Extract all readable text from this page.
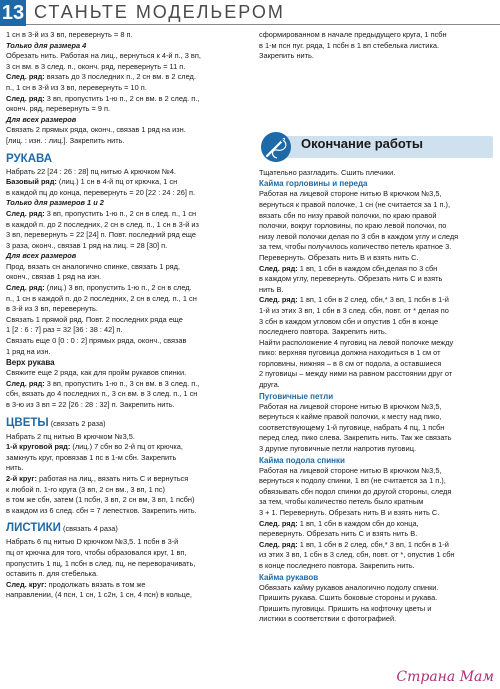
13 СТАНЬТЕ МОДЕЛЬЕРОМ

1 сн в 3-й из 3 вп, перевернуть = 8 п.

Только для размера 4

Обрезать нить. Работая на лиц., вернуться к 4-й п., 3 вп,

3 сн вм. в 3 след. п., оконч. ряд, перевернуть = 11 п.

След. ряд: вязать до 3 последних п., 2 сн вм. в 2 след.

п., 1 сн в 3-й из 3 вп, перевернуть = 10 п.

След. ряд: 3 вп, пропустить 1-ю п., 2 сн вм. в 2 след. п.,

оконч. ряд, перевернуть = 9 п.

Для всех размеров

Связать 2 прямых ряда, оконч., связав 1 ряд на изн.

[лиц. : изн. : лиц.]. Закрепить нить.

РУКАВА

Набрать 22 [24 : 26 : 28] пц нитью А крючком №4.

Базовый ряд: (лиц.) 1 сн в 4-й пц от крючка, 1 сн

в каждой пц до конца, перевернуть = 20 [22 : 24 : 26] п.

Только для размеров 1 и 2

След. ряд: 3 вп, пропустить 1-ю п., 2 сн в след. п., 1 сн

в каждой п. до 2 последних, 2 сн в след. п., 1 сн в 3-й из

3 вп, перевернуть = 22 [24] п. Повт. последний ряд еще

3 раза, оконч., связав 1 ряд на лиц. = 28 [30] п.

Для всех размеров

Прод. вязать сн аналогично спинке, связать 1 ряд,

оконч., связав 1 ряд на изн.

След. ряд: (лиц.) 3 вп, пропустить 1-ю п., 2 сн в след.

п., 1 сн в каждой п. до 2 последних, 2 сн в след. п., 1 сн

в 3-й из 3 вп, перевернуть.

Связать 1 прямой ряд. Повт. 2 последних ряда еще

1 [2 : 6 : 7] раз = 32 [36 : 38 : 42] п.

Связать еще 0 [0 : 0 : 2] прямых ряда, оконч., связав

1 ряд на изн.

Верх рукава

Свяжите еще 2 ряда, как для пройм рукавов спинки.

След. ряд: 3 вп, пропустить 1-ю п., 3 сн вм. в 3 след. п.,

сбн, вязать до 4 последних п., 3 сн вм. в 3 след. п., 1 сн

в 3-ю из 3 вп = 22 [26 : 28 : 32] п. Закрепить нить.

ЦВЕТЫ (связать 2 раза)

Набрать 2 пц нитью В крючком №3,5.

1-й круговой ряд: (лиц.) 7 сбн во 2-й пц от крючка,

замкнуть круг, провязав 1 пс в 1-м сбн. Закрепить

нить.

2-й круг: работая на лиц., вязать нить С и вернуться

к любой п. 1-го круга (3 вп, 2 сн вм., 3 вп, 1 пс)

в том же сбн, затем (1 псбн, 3 вп, 2 сн вм, 3 вп, 1 псбн)

в каждом из 6 след. сбн = 7 лепестков. Закрепить нить.

ЛИСТИКИ (связать 4 раза)

Набрать 6 пц нитью D крючком №3,5. 1 псбн в 3-й

пц от крючка для того, чтобы образовался круг, 1 вп,

пропустить 1 пц, 1 псбн в след. пц, не переворачивать,

оставить п. для стебелька.

След. круг: продолжать вязать в том же

направлении, (4 псн, 1 сн, 1 с2н, 1 сн, 4 псн) в кольце,

сформированном в начале предыдущего круга, 1 псбн

в 1-м псн пуг. ряда, 1 псбн в 1 вп стебелька листика.

Закрепить нить.

Окончание работы

Тщательно разгладить. Сшить плечики.

Кайма горловины и переда

Работая на лицевой стороне нитью В крючком №3,5,

вернуться к правой полочке, 1 сн (не считается за 1 п.),

вязать сбн по низу правой полочки, по краю правой

полочки, вокруг горловины, по краю левой полочки, по

низу левой полочки делая по 3 сбн в каждом углу и следя

за тем, чтобы получилось количество петель кратное 3.

Перевернуть. Обрезать нить В и взять нить С.

След. ряд: 1 вп, 1 сбн в каждом сбн,делая по 3 сбн

в каждом углу, перевернуть. Обрезать нить С и взять

нить В.

След. ряд: 1 вп, 1 сбн в 2 след. сбн,* 3 вп, 1 псбн в 1-й

1-й из этих 3 вп, 1 сбн в 3 след. сбн, повт. от * делая по

3 сбн в каждом угловом сбн и опустив 1 сбн в конце

последнего повтора. Закрепить нить.

Найти расположение 4 пуговиц на левой полочке между

пико: верхняя пуговица должна находиться в 1 см от

горловины, нижняя – в 8 см от подола, а оставшиеся

2 пуговицы – между ними на равном расстоянии друг от

друга.

Пуговичные петли

Работая на лицевой стороне нитью В крючком №3,5,

вернуться к кайме правой полочки, к месту над пико,

соответствующему 1-й пуговице, набрать 4 пц, 1 псбн

перед след. пико слева. Закрепить нить. Так же связать

3 другие пуговичные петли напротив пуговиц.

Кайма подола спинки

Работая на лицевой стороне нитью В крючком №3,5,

вернуться к подолу спинки, 1 вп (не считается за 1 п.),

обвязывать сбн подол спинки до другой стороны, следя

за тем, чтобы количество петель было кратным

3 + 1. Перевернуть. Обрезать нить В и взять нить С.

След. ряд: 1 вп, 1 сбн в каждом сбн до конца,

перевернуть. Обрезать нить С и взять нить В.

След. ряд: 1 вп, 1 сбн в 2 след. сбн,* 3 вп, 1 псбн в 1-й

из этих 3 вп, 1 сбн в 3 след. сбн, повт. от *, опустив 1 сбн

в конце последнего повтора. Закрепить нить.

Кайма рукавов

Обвязать кайму рукавов аналогично подолу спинки.

Пришить рукава. Сшить боковые стороны и рукава.

Пришить пуговицы. Пришить на кофточку цветы и

листики в соответствии с фотографией.

Страна Мам
